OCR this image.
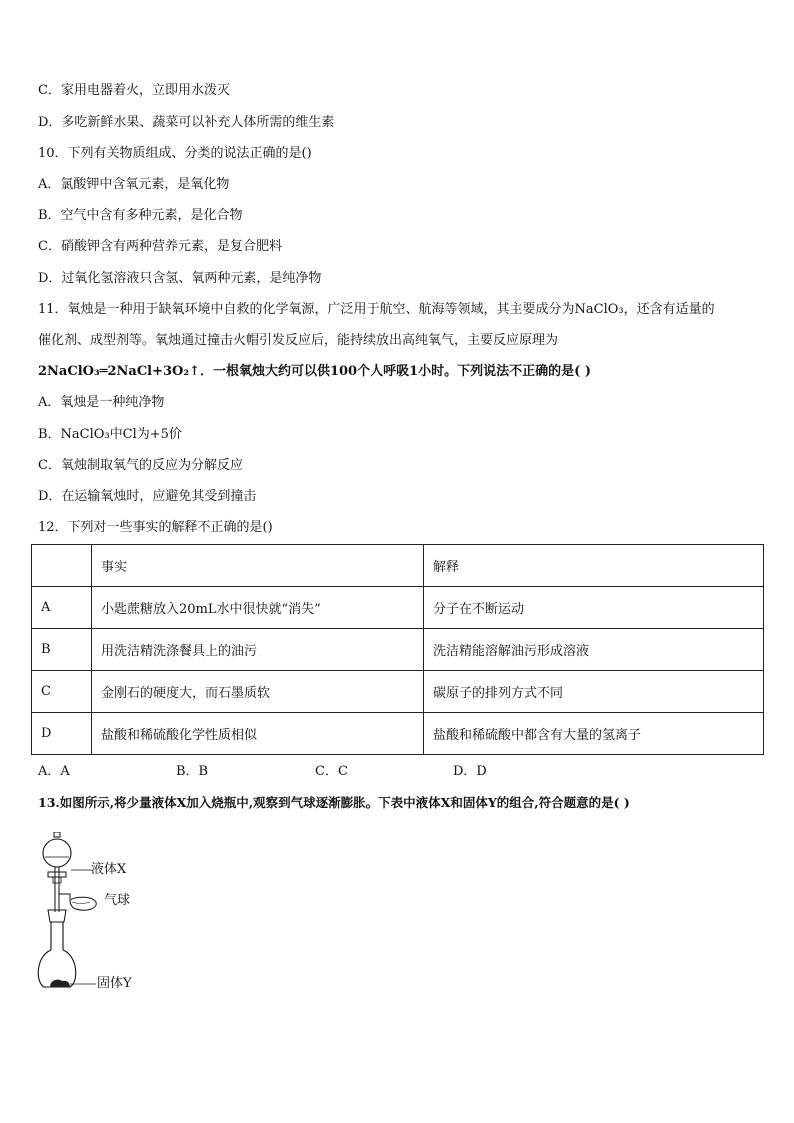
C．家用电器着火，立即用水泼灭
D．多吃新鲜水果、蔬菜可以补充人体所需的维生素
10．下列有关物质组成、分类的说法正确的是()
A．氯酸钾中含氧元素，是氧化物
B．空气中含有多种元素，是化合物
C．硝酸钾含有两种营养元素，是复合肥料
D．过氧化氢溶液只含氢、氧两种元素，是纯净物
11．氧烛是一种用于缺氧环境中自救的化学氧源，广泛用于航空、航海等领域，其主要成分为NaClO₃，还含有适量的
催化剂、成型剂等。氧烛通过撞击火帽引发反应后，能持续放出高纯氧气，主要反应原理为
2NaClO₃═2NaCl+3O₂↑．一根氧烛大约可以供100个人呼吸1小时。下列说法不正确的是( )
A．氧烛是一种纯净物
B．NaClO₃中Cl为+5价
C．氧烛制取氧气的反应为分解反应
D．在运输氧烛时，应避免其受到撞击
12．下列对一些事实的解释不正确的是()
	事实	解释
A	小匙蔗糖放入20mL水中很快就“消失”	分子在不断运动
B	用洗洁精洗涤餐具上的油污	洗洁精能溶解油污形成溶液
C	金刚石的硬度大，而石墨质软	碳原子的排列方式不同
D	盐酸和稀硫酸化学性质相似	盐酸和稀硫酸中都含有大量的氢离子
A．A	B．B	C．C	D．D
13.如图所示,将少量液体X加入烧瓶中,观察到气球逐渐膨胀。下表中液体X和固体Y的组合,符合题意的是( )
液体X
气球
固体Y
